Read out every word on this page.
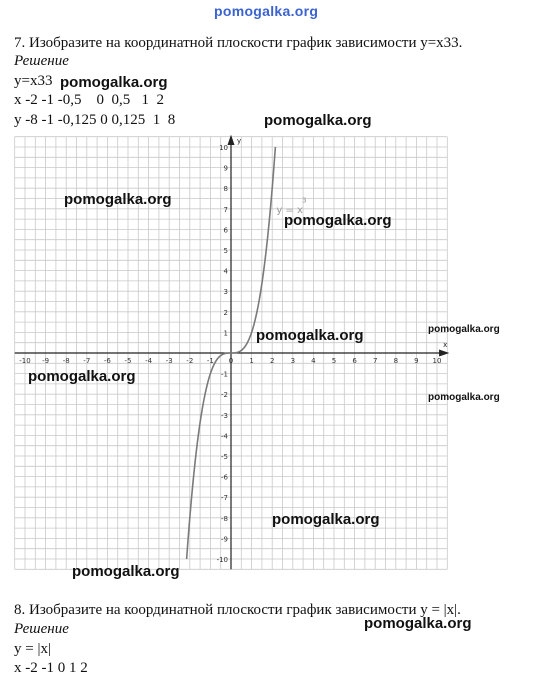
pomogalka.org
7. Изобразите на координатной плоскости график зависимости y=x33.
Решение
y=x33
x -2 -1 -0,5    0  0,5   1  2
y -8 -1 -0,125 0 0,125  1  8
x
y
-10 -9 -8 -7 -6 -5 -4 -3 -2 -1 0 1 2 3 4 5 6 7 8 9 10
-10
-9
-8
-7
-6
-5
-4
-3
-2
-1
1
2
3
4
5
6
7
8
9
10
y = x
3
pomogalka.org
pomogalka.org
pomogalka.org
pomogalka.org
pomogalka.org	pomogalka.org
pomogalka.org
pomogalka.org
pomogalka.org
pomogalka.org
pomogalka.org
8. Изобразите на координатной плоскости график зависимости y = |x|.
Решение
y = |x|
x -2 -1 0 1 2
